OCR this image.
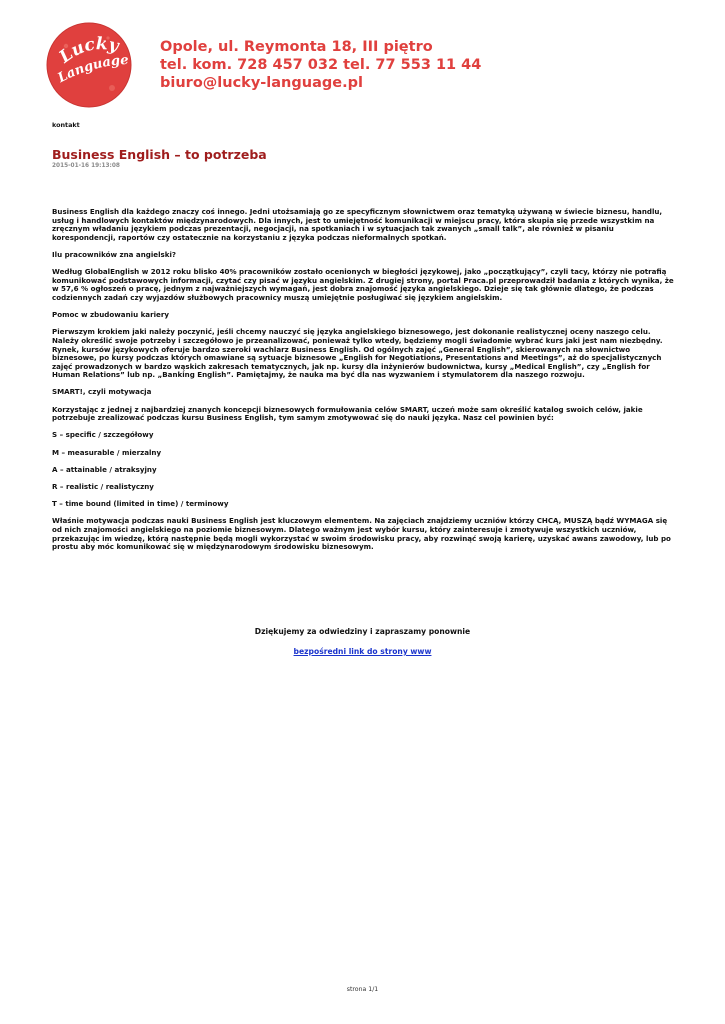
Lucky
Language
Opole, ul. Reymonta 18, III piętro
tel. kom. 728 457 032 tel. 77 553 11 44
biuro@lucky-language.pl
kontakt
Business English – to potrzeba
2015-01-16 19:13:08

Business English dla każdego znaczy coś innego. Jedni utożsamiają go ze specyficznym słownictwem oraz tematyką używaną w świecie biznesu, handlu, usług i handlowych kontaktów międzynarodowych. Dla innych, jest to umiejętność komunikacji w miejscu pracy, która skupia się przede wszystkim na zręcznym władaniu językiem podczas prezentacji, negocjacji, na spotkaniach i w sytuacjach tak zwanych „small talk”, ale również w pisaniu korespondencji, raportów czy ostatecznie na korzystaniu z języka podczas nieformalnych spotkań.

Ilu pracowników zna angielski?

Według GlobalEnglish w 2012 roku blisko 40% pracowników zostało ocenionych w biegłości językowej, jako „początkujący”, czyli tacy, którzy nie potrafią komunikować podstawowych informacji, czytać czy pisać w języku angielskim. Z drugiej strony, portal Praca.pl przeprowadził badania z których wynika, że w 57,6 % ogłoszeń o pracę, jednym z najważniejszych wymagań, jest dobra znajomość języka angielskiego. Dzieje się tak głównie dlatego, że podczas codziennych zadań czy wyjazdów służbowych pracownicy muszą umiejętnie posługiwać się językiem angielskim.

Pomoc w zbudowaniu kariery

Pierwszym krokiem jaki należy poczynić, jeśli chcemy nauczyć się języka angielskiego biznesowego, jest dokonanie realistycznej oceny naszego celu. Należy określić swoje potrzeby i szczegółowo je przeanalizować, ponieważ tylko wtedy, będziemy mogli świadomie wybrać kurs jaki jest nam niezbędny. Rynek, kursów językowych oferuje bardzo szeroki wachlarz Business English. Od ogólnych zajęć „General English”, skierowanych na słownictwo biznesowe, po kursy podczas których omawiane są sytuacje biznesowe „English for Negotiations, Presentations and Meetings”, aż do specjalistycznych zajęć prowadzonych w bardzo wąskich zakresach tematycznych, jak np. kursy dla inżynierów budownictwa, kursy „Medical English”, czy „English for Human Relations” lub np. „Banking English”. Pamiętajmy, że nauka ma być dla nas wyzwaniem i stymulatorem dla naszego rozwoju.

SMART!, czyli motywacja

Korzystając z jednej z najbardziej znanych koncepcji biznesowych formułowania celów SMART, uczeń może sam określić katalog swoich celów, jakie potrzebuje zrealizować podczas kursu Business English, tym samym zmotywować się do nauki języka. Nasz cel powinien być:

S – specific / szczegółowy

M – measurable / mierzalny

A – attainable / atraksyjny

R – realistic / realistyczny

T – time bound (limited in time) / terminowy

Właśnie motywacja podczas nauki Business English jest kluczowym elementem. Na zajęciach znajdziemy uczniów którzy CHCĄ, MUSZĄ bądź WYMAGA się od nich znajomości angielskiego na poziomie biznesowym. Dlatego ważnym jest wybór kursu, który zainteresuje i zmotywuje wszystkich uczniów, przekazując im wiedzę, którą następnie będą mogli wykorzystać w swoim środowisku pracy, aby rozwinąć swoją karierę, uzyskać awans zawodowy, lub po prostu aby móc komunikować się w międzynarodowym środowisku biznesowym.

Dziękujemy za odwiedziny i zapraszamy ponownie
bezpośredni link do strony www
strona 1/1
